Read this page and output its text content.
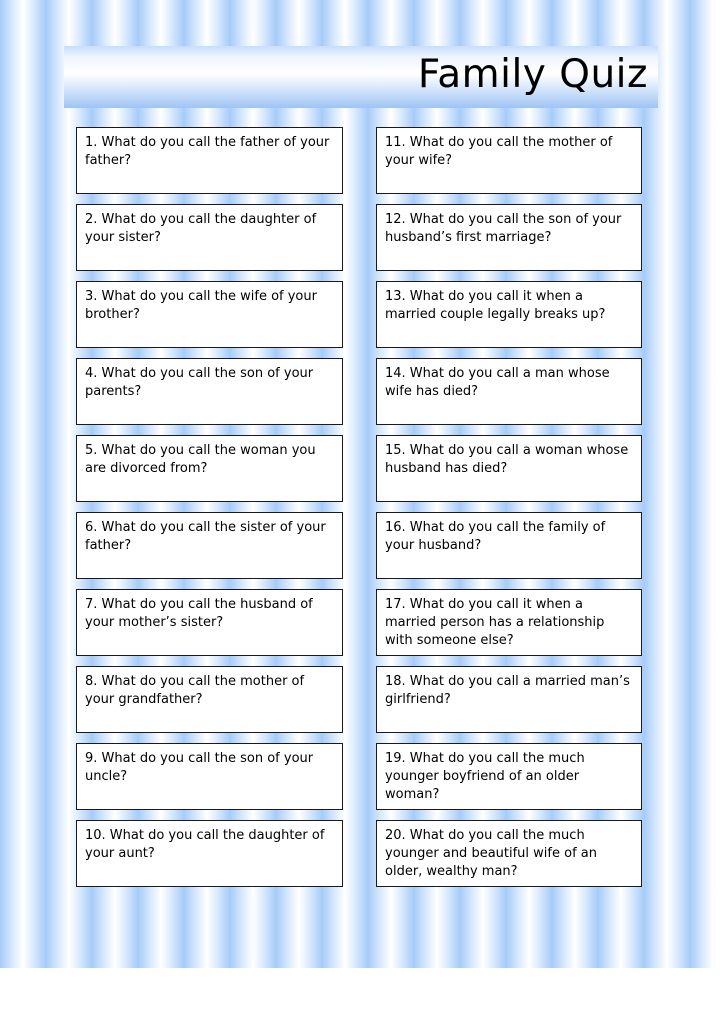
Family Quiz
1. What do you call the father of your father?
2. What do you call the daughter of your sister?
3. What do you call the wife of your brother?
4. What do you call the son of your parents?
5. What do you call the woman you are divorced from?
6. What do you call the sister of your father?
7. What do you call the husband of your mother’s sister?
8. What do you call the mother of your grandfather?
9. What do you call the son of your uncle?
10. What do you call the daughter of your aunt?
11. What do you call the mother of your wife?
12. What do you call the son of your husband’s first marriage?
13. What do you call it when a married couple legally breaks up?
14. What do you call a man whose wife has died?
15. What do you call a woman whose husband has died?
16. What do you call the family of your husband?
17. What do you call it when a married person has a relationship with someone else?
18. What do you call a married man’s girlfriend?
19. What do you call the much younger boyfriend of an older woman?
20. What do you call the much younger and beautiful wife of an older, wealthy man?
